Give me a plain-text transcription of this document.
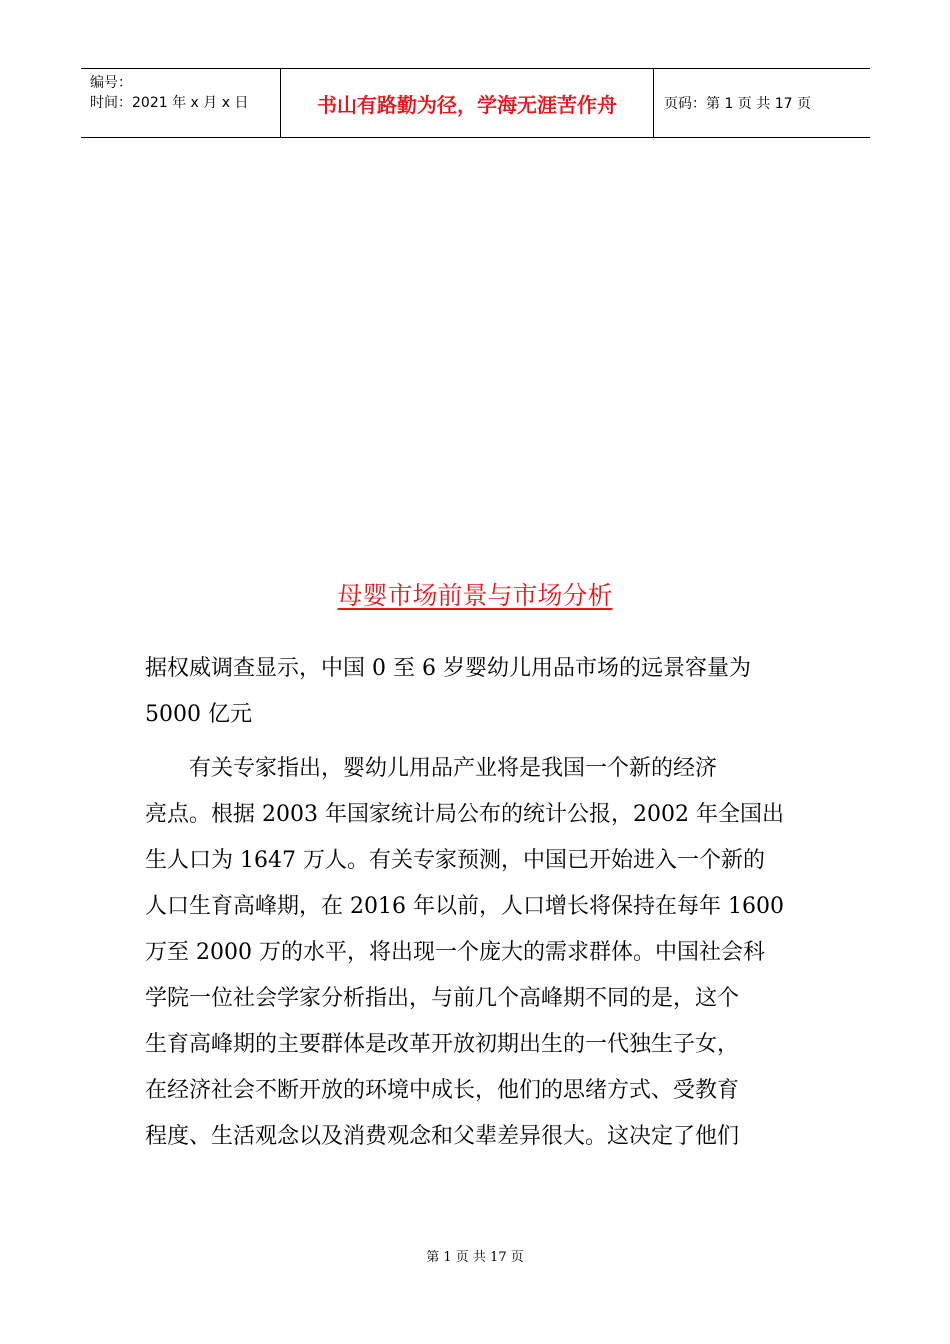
编号：
时间：2021 年 x 月 x 日	书山有路勤为径，学海无涯苦作舟	页码：第 1 页 共 17 页
母婴市场前景与市场分析
据权威调查显示，中国 0 至 6 岁婴幼儿用品市场的远景容量为
5000 亿元
　　有关专家指出，婴幼儿用品产业将是我国一个新的经济
亮点。根据 2003 年国家统计局公布的统计公报，2002 年全国出
生人口为 1647 万人。有关专家预测，中国已开始进入一个新的
人口生育高峰期，在 2016 年以前，人口增长将保持在每年 1600
万至 2000 万的水平，将出现一个庞大的需求群体。中国社会科
学院一位社会学家分析指出，与前几个高峰期不同的是，这个
生育高峰期的主要群体是改革开放初期出生的一代独生子女，
在经济社会不断开放的环境中成长，他们的思绪方式、受教育
程度、生活观念以及消费观念和父辈差异很大。这决定了他们
第 1 页 共 17 页
